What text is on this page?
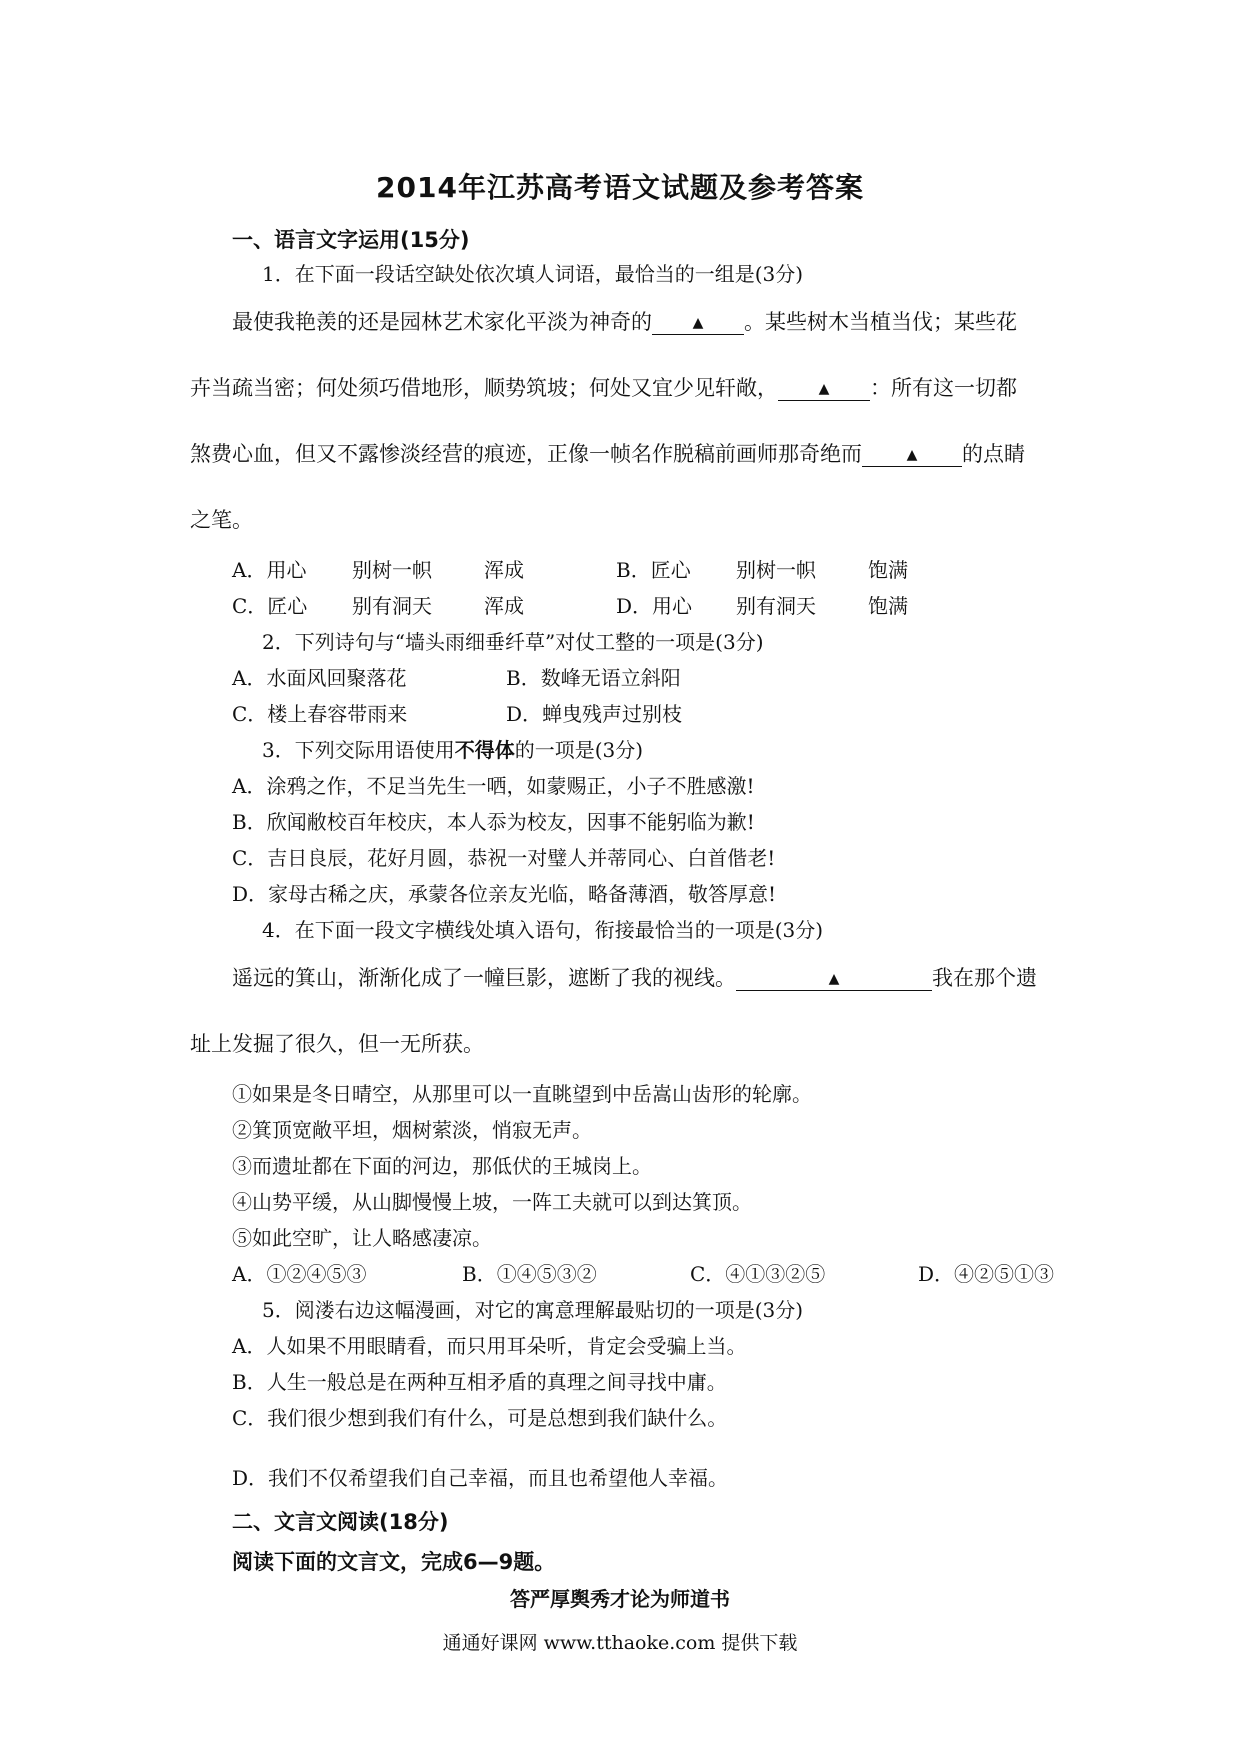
2014年江苏高考语文试题及参考答案
一、语言文字运用(15分)
1．在下面一段话空缺处依次填人词语，最恰当的一组是(3分)
最使我艳羡的还是园林艺术家化平淡为神奇的	▲ 。某些树木当植当伐；某些花
卉当疏当密；何处须巧借地形，顺势筑坡；何处又宜少见轩敞，	▲ ：所有这一切都
煞费心血，但又不露惨淡经营的痕迹，正像一帧名作脱稿前画师那奇绝而	▲ 的点睛
之笔。
A．用心 别树一帜	浑成	B．匠心 别树一帜	饱满
C．匠心 别有洞天	浑成	D．用心 别有洞天	饱满
2．下列诗句与“墙头雨细垂纤草”对仗工整的一项是(3分)
A．水面风回聚落花	B．数峰无语立斜阳
C．楼上春容带雨来	D．蝉曳残声过别枝
3．下列交际用语使用不得体的一项是(3分)
A．涂鸦之作，不足当先生一哂，如蒙赐正，小子不胜感激!
B．欣闻敝校百年校庆，本人忝为校友，因事不能躬临为歉!
C．吉日良辰，花好月圆，恭祝一对璧人并蒂同心、白首偕老!
D．家母古稀之庆，承蒙各位亲友光临，略备薄酒，敬答厚意!
4．在下面一段文字横线处填入语句，衔接最恰当的一项是(3分)
遥远的箕山，渐渐化成了一幢巨影，遮断了我的视线。	▲	我在那个遗
址上发掘了很久，但一无所获。
①如果是冬日晴空，从那里可以一直眺望到中岳嵩山齿形的轮廓。
②箕顶宽敞平坦，烟树萦淡，悄寂无声。
③而遗址都在下面的河边，那低伏的王城岗上。
④山势平缓，从山脚慢慢上坡，一阵工夫就可以到达箕顶。
⑤如此空旷，让人略感凄凉。
A．①②④⑤③	B．①④⑤③②	C．④①③②⑤	D．④②⑤①③
5．阅溇右边这幅漫画，对它的寓意理解最贴切的一项是(3分)
A．人如果不用眼睛看，而只用耳朵听，肯定会受骗上当。
B．人生一般总是在两种互相矛盾的真理之间寻找中庸。
C．我们很少想到我们有什么，可是总想到我们缺什么。
D．我们不仅希望我们自己幸福，而且也希望他人幸福。
二、文言文阅读(18分)
阅读下面的文言文，完成6—9题。
答严厚舆秀才论为师道书
通通好课网 www.tthaoke.com 提供下载
